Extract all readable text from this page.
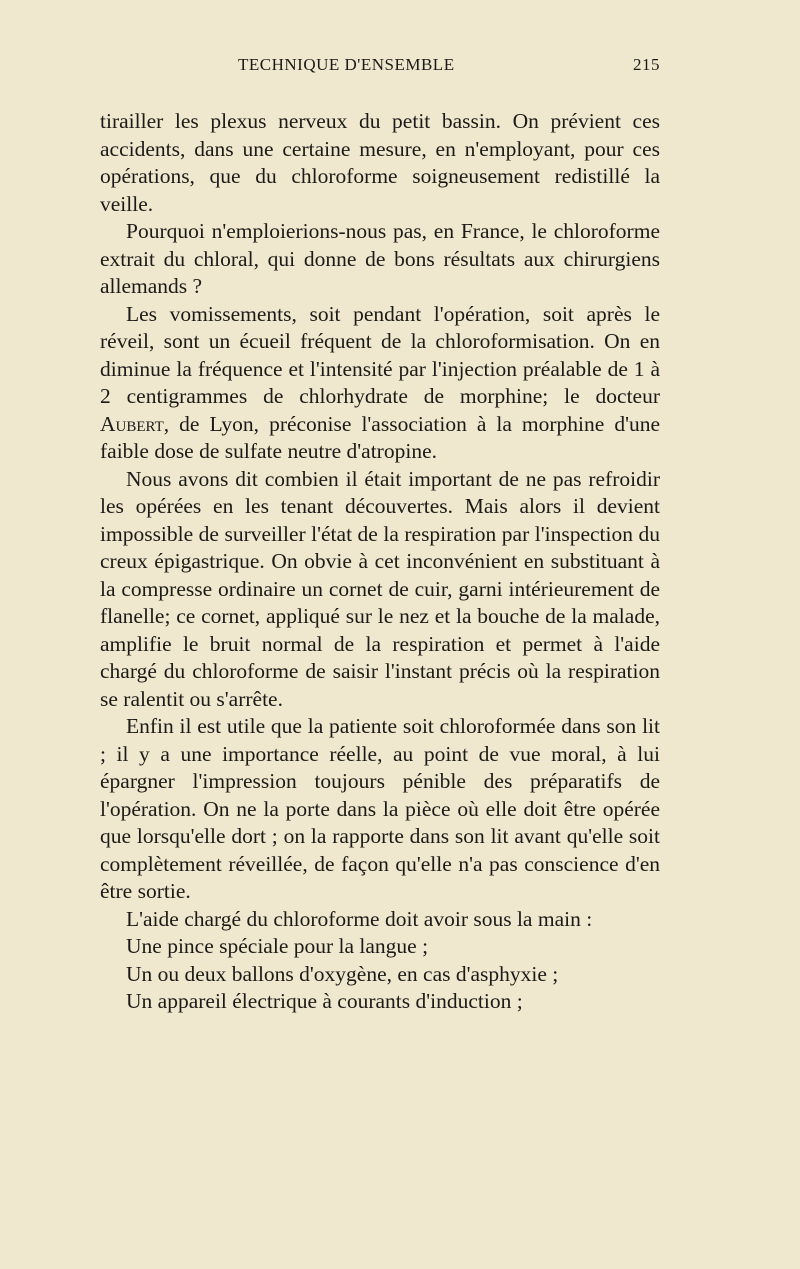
TECHNIQUE D'ENSEMBLE	215

tirailler les plexus nerveux du petit bassin. On prévient ces accidents, dans une certaine mesure, en n'employant, pour ces opérations, que du chloroforme soigneusement redistillé la veille.

Pourquoi n'emploierions-nous pas, en France, le chloroforme extrait du chloral, qui donne de bons résultats aux chirurgiens allemands ?

Les vomissements, soit pendant l'opération, soit après le réveil, sont un écueil fréquent de la chloroformisation. On en diminue la fréquence et l'intensité par l'injection préalable de 1 à 2 centigrammes de chlorhydrate de morphine; le docteur Aubert, de Lyon, préconise l'association à la morphine d'une faible dose de sulfate neutre d'atropine.

Nous avons dit combien il était important de ne pas refroidir les opérées en les tenant découvertes. Mais alors il devient impossible de surveiller l'état de la respiration par l'inspection du creux épigastrique. On obvie à cet inconvénient en substituant à la compresse ordinaire un cornet de cuir, garni intérieurement de flanelle; ce cornet, appliqué sur le nez et la bouche de la malade, amplifie le bruit normal de la respiration et permet à l'aide chargé du chloroforme de saisir l'instant précis où la respiration se ralentit ou s'arrête.

Enfin il est utile que la patiente soit chloroformée dans son lit ; il y a une importance réelle, au point de vue moral, à lui épargner l'impression toujours pénible des préparatifs de l'opération. On ne la porte dans la pièce où elle doit être opérée que lorsqu'elle dort ; on la rapporte dans son lit avant qu'elle soit complètement réveillée, de façon qu'elle n'a pas conscience d'en être sortie.

L'aide chargé du chloroforme doit avoir sous la main :

Une pince spéciale pour la langue ;

Un ou deux ballons d'oxygène, en cas d'asphyxie ;

Un appareil électrique à courants d'induction ;
